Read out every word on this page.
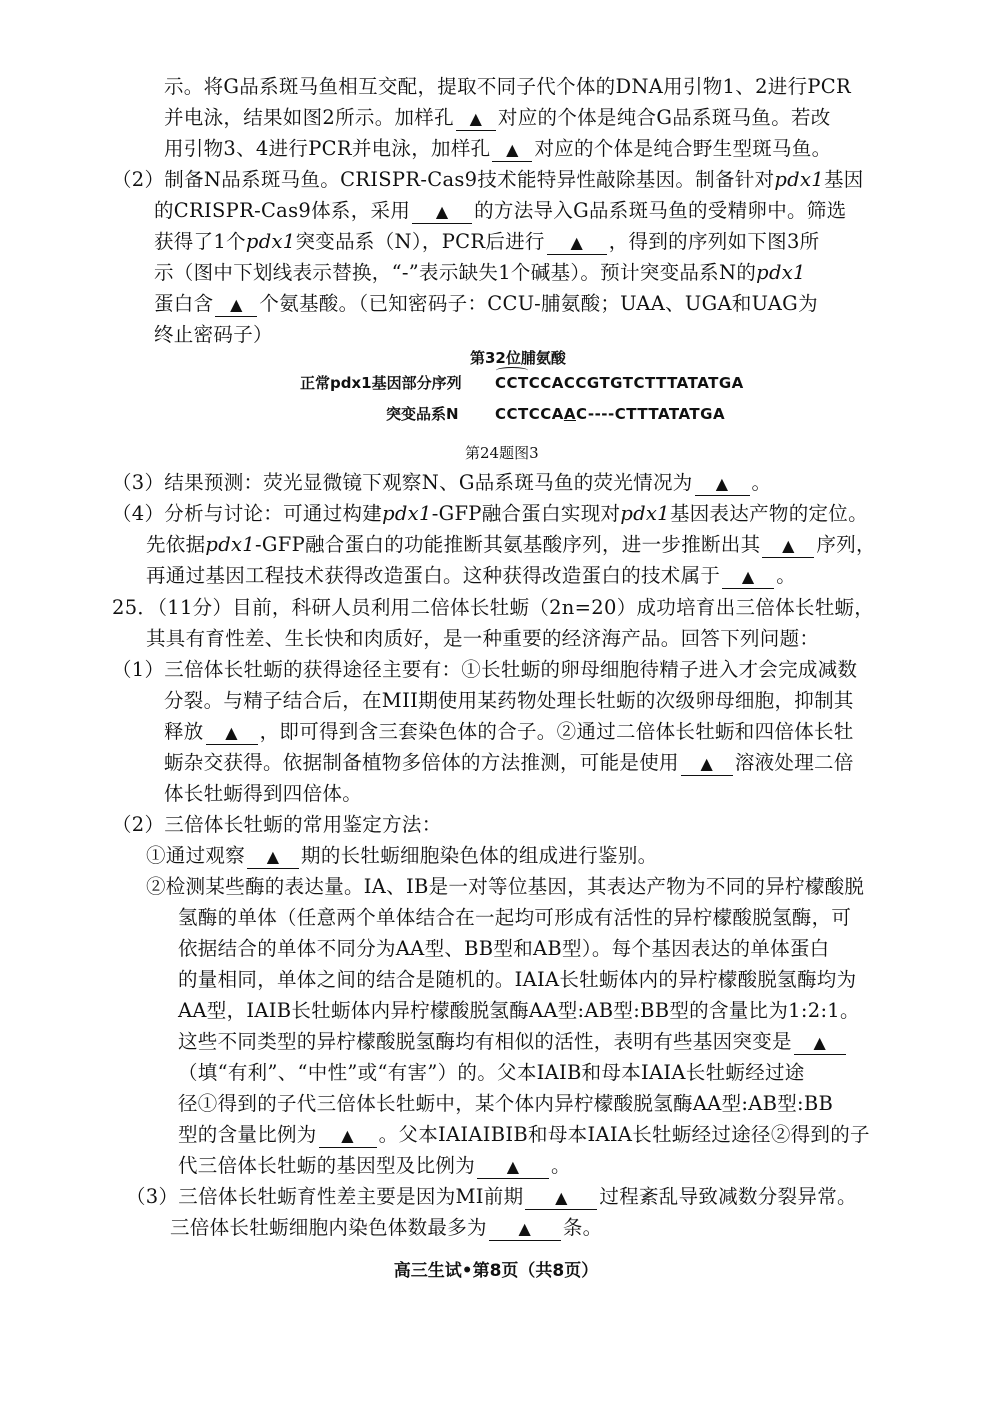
示。将G品系斑马鱼相互交配，提取不同子代个体的DNA用引物1、2进行PCR
并电泳，结果如图2所示。加样孔 ▲ 对应的个体是纯合G品系斑马鱼。若改
用引物3、4进行PCR并电泳，加样孔 ▲ 对应的个体是纯合野生型斑马鱼。
（2）制备N品系斑马鱼。CRISPR-Cas9技术能特异性敲除基因。制备针对pdx1基因
的CRISPR-Cas9体系，采用 ▲ 的方法导入G品系斑马鱼的受精卵中。筛选
获得了1个pdx1突变品系（N），PCR后进行 ▲ ，得到的序列如下图3所
示（图中下划线表示替换，“-”表示缺失1个碱基）。预计突变品系N的pdx1
蛋白含 ▲ 个氨基酸。（已知密码子：CCU-脯氨酸；UAA、UGA和UAG为
终止密码子）
第32位脯氨酸
正常pdx1基因部分序列 CCTCCACCGTGTCTTTATATGA
突变品系N CCTCCAAC----CTTTATATGA
第24题图3
（3）结果预测：荧光显微镜下观察N、G品系斑马鱼的荧光情况为 ▲ 。
（4）分析与讨论：可通过构建pdx1-GFP融合蛋白实现对pdx1基因表达产物的定位。
先依据pdx1-GFP融合蛋白的功能推断其氨基酸序列，进一步推断出其 ▲ 序列，
再通过基因工程技术获得改造蛋白。这种获得改造蛋白的技术属于 ▲ 。
25．（11分）目前，科研人员利用二倍体长牡蛎（2n=20）成功培育出三倍体长牡蛎，
其具有育性差、生长快和肉质好，是一种重要的经济海产品。回答下列问题：
（1）三倍体长牡蛎的获得途径主要有：①长牡蛎的卵母细胞待精子进入才会完成减数
分裂。与精子结合后，在MII期使用某药物处理长牡蛎的次级卵母细胞，抑制其
释放 ▲ ，即可得到含三套染色体的合子。②通过二倍体长牡蛎和四倍体长牡
蛎杂交获得。依据制备植物多倍体的方法推测，可能是使用 ▲ 溶液处理二倍
体长牡蛎得到四倍体。
（2）三倍体长牡蛎的常用鉴定方法：
①通过观察 ▲ 期的长牡蛎细胞染色体的组成进行鉴别。
②检测某些酶的表达量。IA、IB是一对等位基因，其表达产物为不同的异柠檬酸脱
氢酶的单体（任意两个单体结合在一起均可形成有活性的异柠檬酸脱氢酶，可
依据结合的单体不同分为AA型、BB型和AB型）。每个基因表达的单体蛋白
的量相同，单体之间的结合是随机的。IAIA长牡蛎体内的异柠檬酸脱氢酶均为
AA型，IAIB长牡蛎体内异柠檬酸脱氢酶AA型:AB型:BB型的含量比为1:2:1。
这些不同类型的异柠檬酸脱氢酶均有相似的活性，表明有些基因突变是 ▲
（填“有利”、“中性”或“有害”）的。父本IAIB和母本IAIA长牡蛎经过途
径①得到的子代三倍体长牡蛎中，某个体内异柠檬酸脱氢酶AA型:AB型:BB
型的含量比例为 ▲ 。父本IAIAIBIB和母本IAIA长牡蛎经过途径②得到的子
代三倍体长牡蛎的基因型及比例为 ▲ 。
（3）三倍体长牡蛎育性差主要是因为MI前期 ▲ 过程紊乱导致减数分裂异常。
三倍体长牡蛎细胞内染色体数最多为 ▲ 条。
高三生试•第8页（共8页）
